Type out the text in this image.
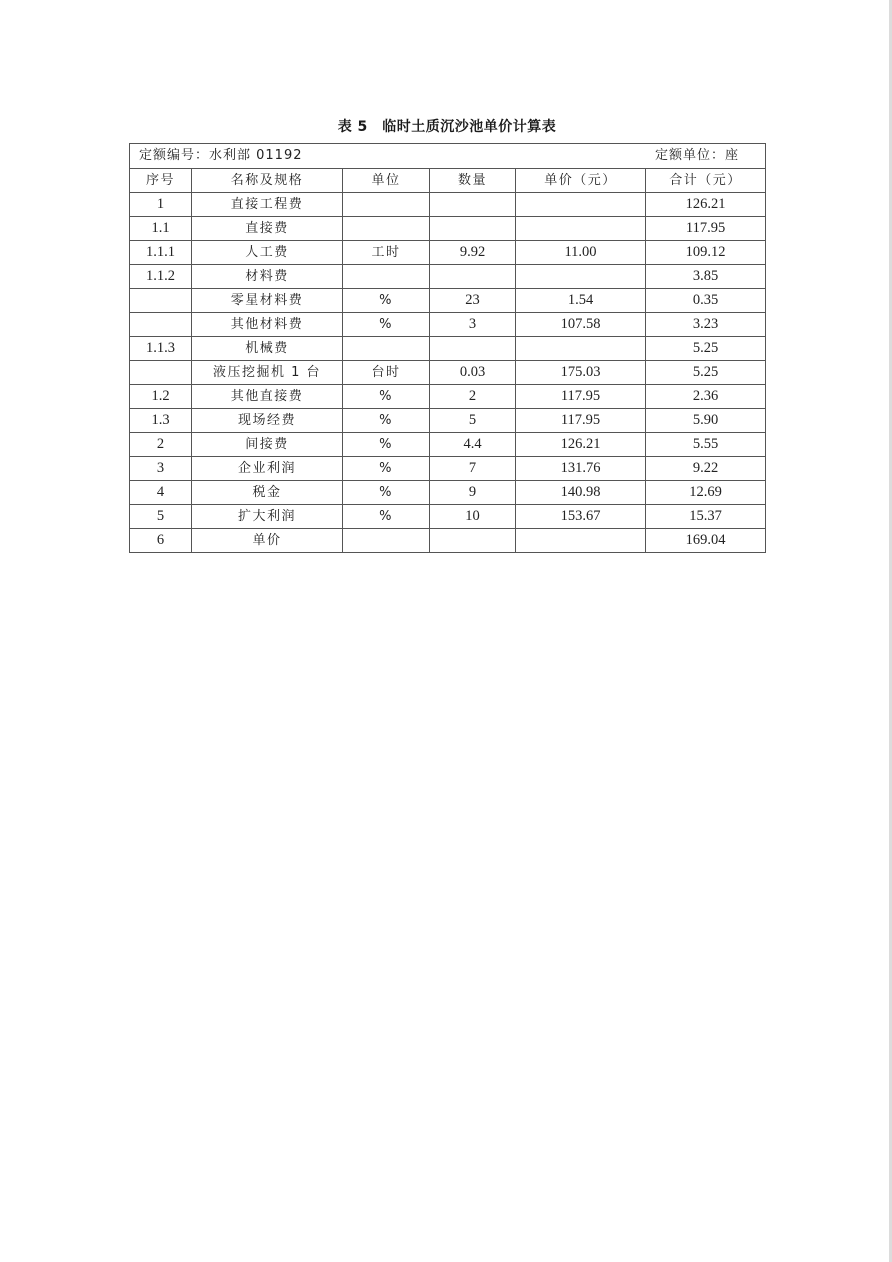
表 5　临时土质沉沙池单价计算表
定额编号：水利部 01192 定额单位：座					

序号	名称及规格	单位	数量	单价（元）	合计（元）
1	直接工程费				126.21
1.1	直接费				117.95
1.1.1	人工费	工时	9.92	11.00	109.12
1.1.2	材料费				3.85
	零星材料费	%	23	1.54	0.35
	其他材料费	%	3	107.58	3.23
1.1.3	机械费				5.25
	液压挖掘机 1 台	台时	0.03	175.03	5.25
1.2	其他直接费	%	2	117.95	2.36
1.3	现场经费	%	5	117.95	5.90
2	间接费	%	4.4	126.21	5.55
3	企业利润	%	7	131.76	9.22
4	税金	%	9	140.98	12.69
5	扩大利润	%	10	153.67	15.37
6	单价				169.04
